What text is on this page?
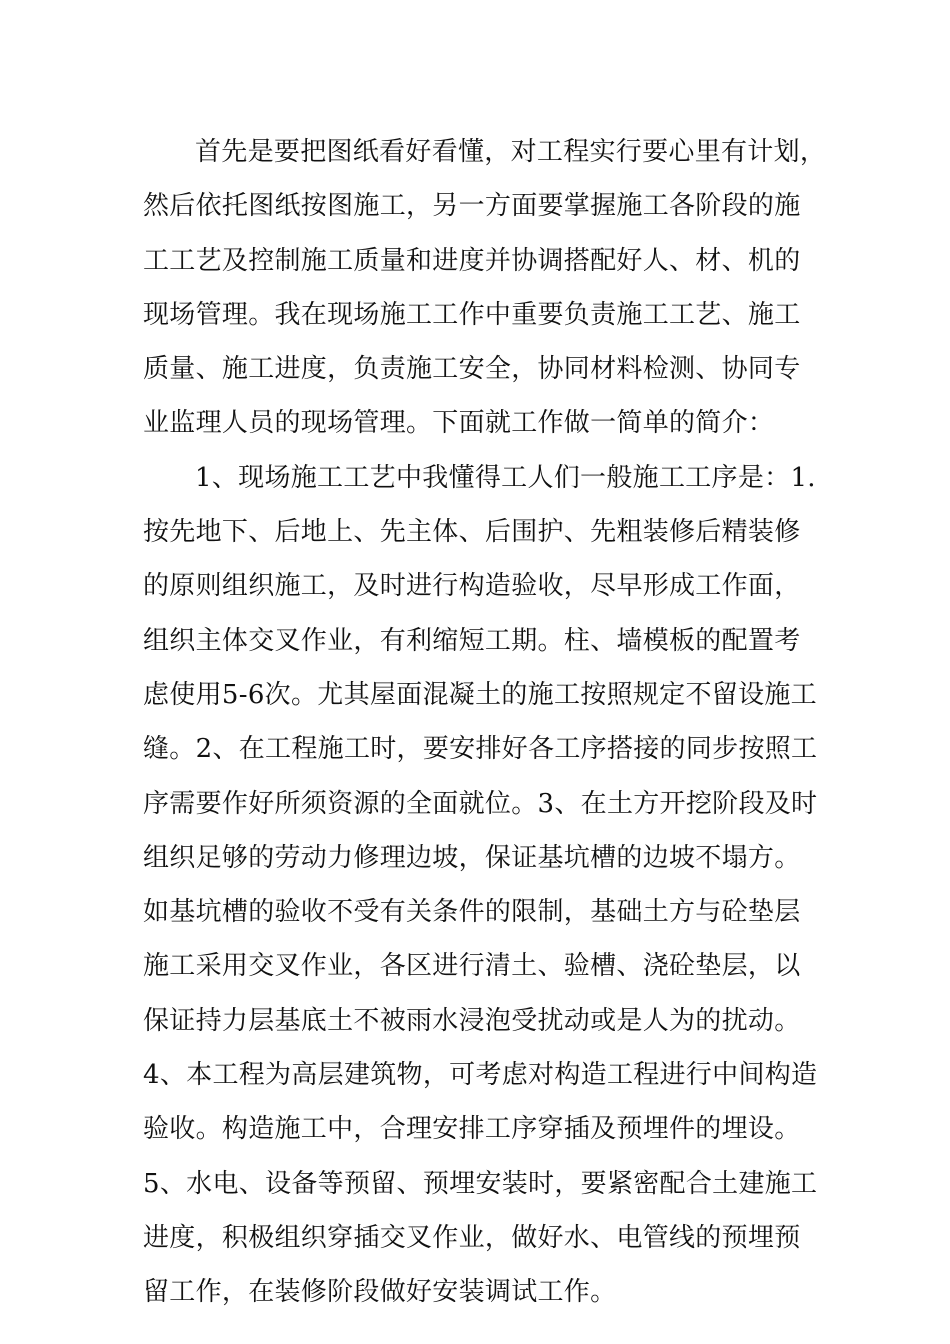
首先是要把图纸看好看懂，对工程实行要心里有计划，
然后依托图纸按图施工，另一方面要掌握施工各阶段的施
工工艺及控制施工质量和进度并协调搭配好人、材、机的
现场管理。我在现场施工工作中重要负责施工工艺、施工
质量、施工进度，负责施工安全，协同材料检测、协同专
业监理人员的现场管理。下面就工作做一简单的简介：
1、现场施工工艺中我懂得工人们一般施工工序是：1.
按先地下、后地上、先主体、后围护、先粗装修后精装修
的原则组织施工，及时进行构造验收，尽早形成工作面，
组织主体交叉作业，有利缩短工期。柱、墙模板的配置考
虑使用5-6次。尤其屋面混凝土的施工按照规定不留设施工
缝。2、在工程施工时，要安排好各工序搭接的同步按照工
序需要作好所须资源的全面就位。3、在土方开挖阶段及时
组织足够的劳动力修理边坡，保证基坑槽的边坡不塌方。
如基坑槽的验收不受有关条件的限制，基础土方与砼垫层
施工采用交叉作业，各区进行清土、验槽、浇砼垫层，以
保证持力层基底土不被雨水浸泡受扰动或是人为的扰动。
4、本工程为高层建筑物，可考虑对构造工程进行中间构造
验收。构造施工中，合理安排工序穿插及预埋件的埋设。
5、水电、设备等预留、预埋安装时，要紧密配合土建施工
进度，积极组织穿插交叉作业，做好水、电管线的预埋预
留工作，在装修阶段做好安装调试工作。
